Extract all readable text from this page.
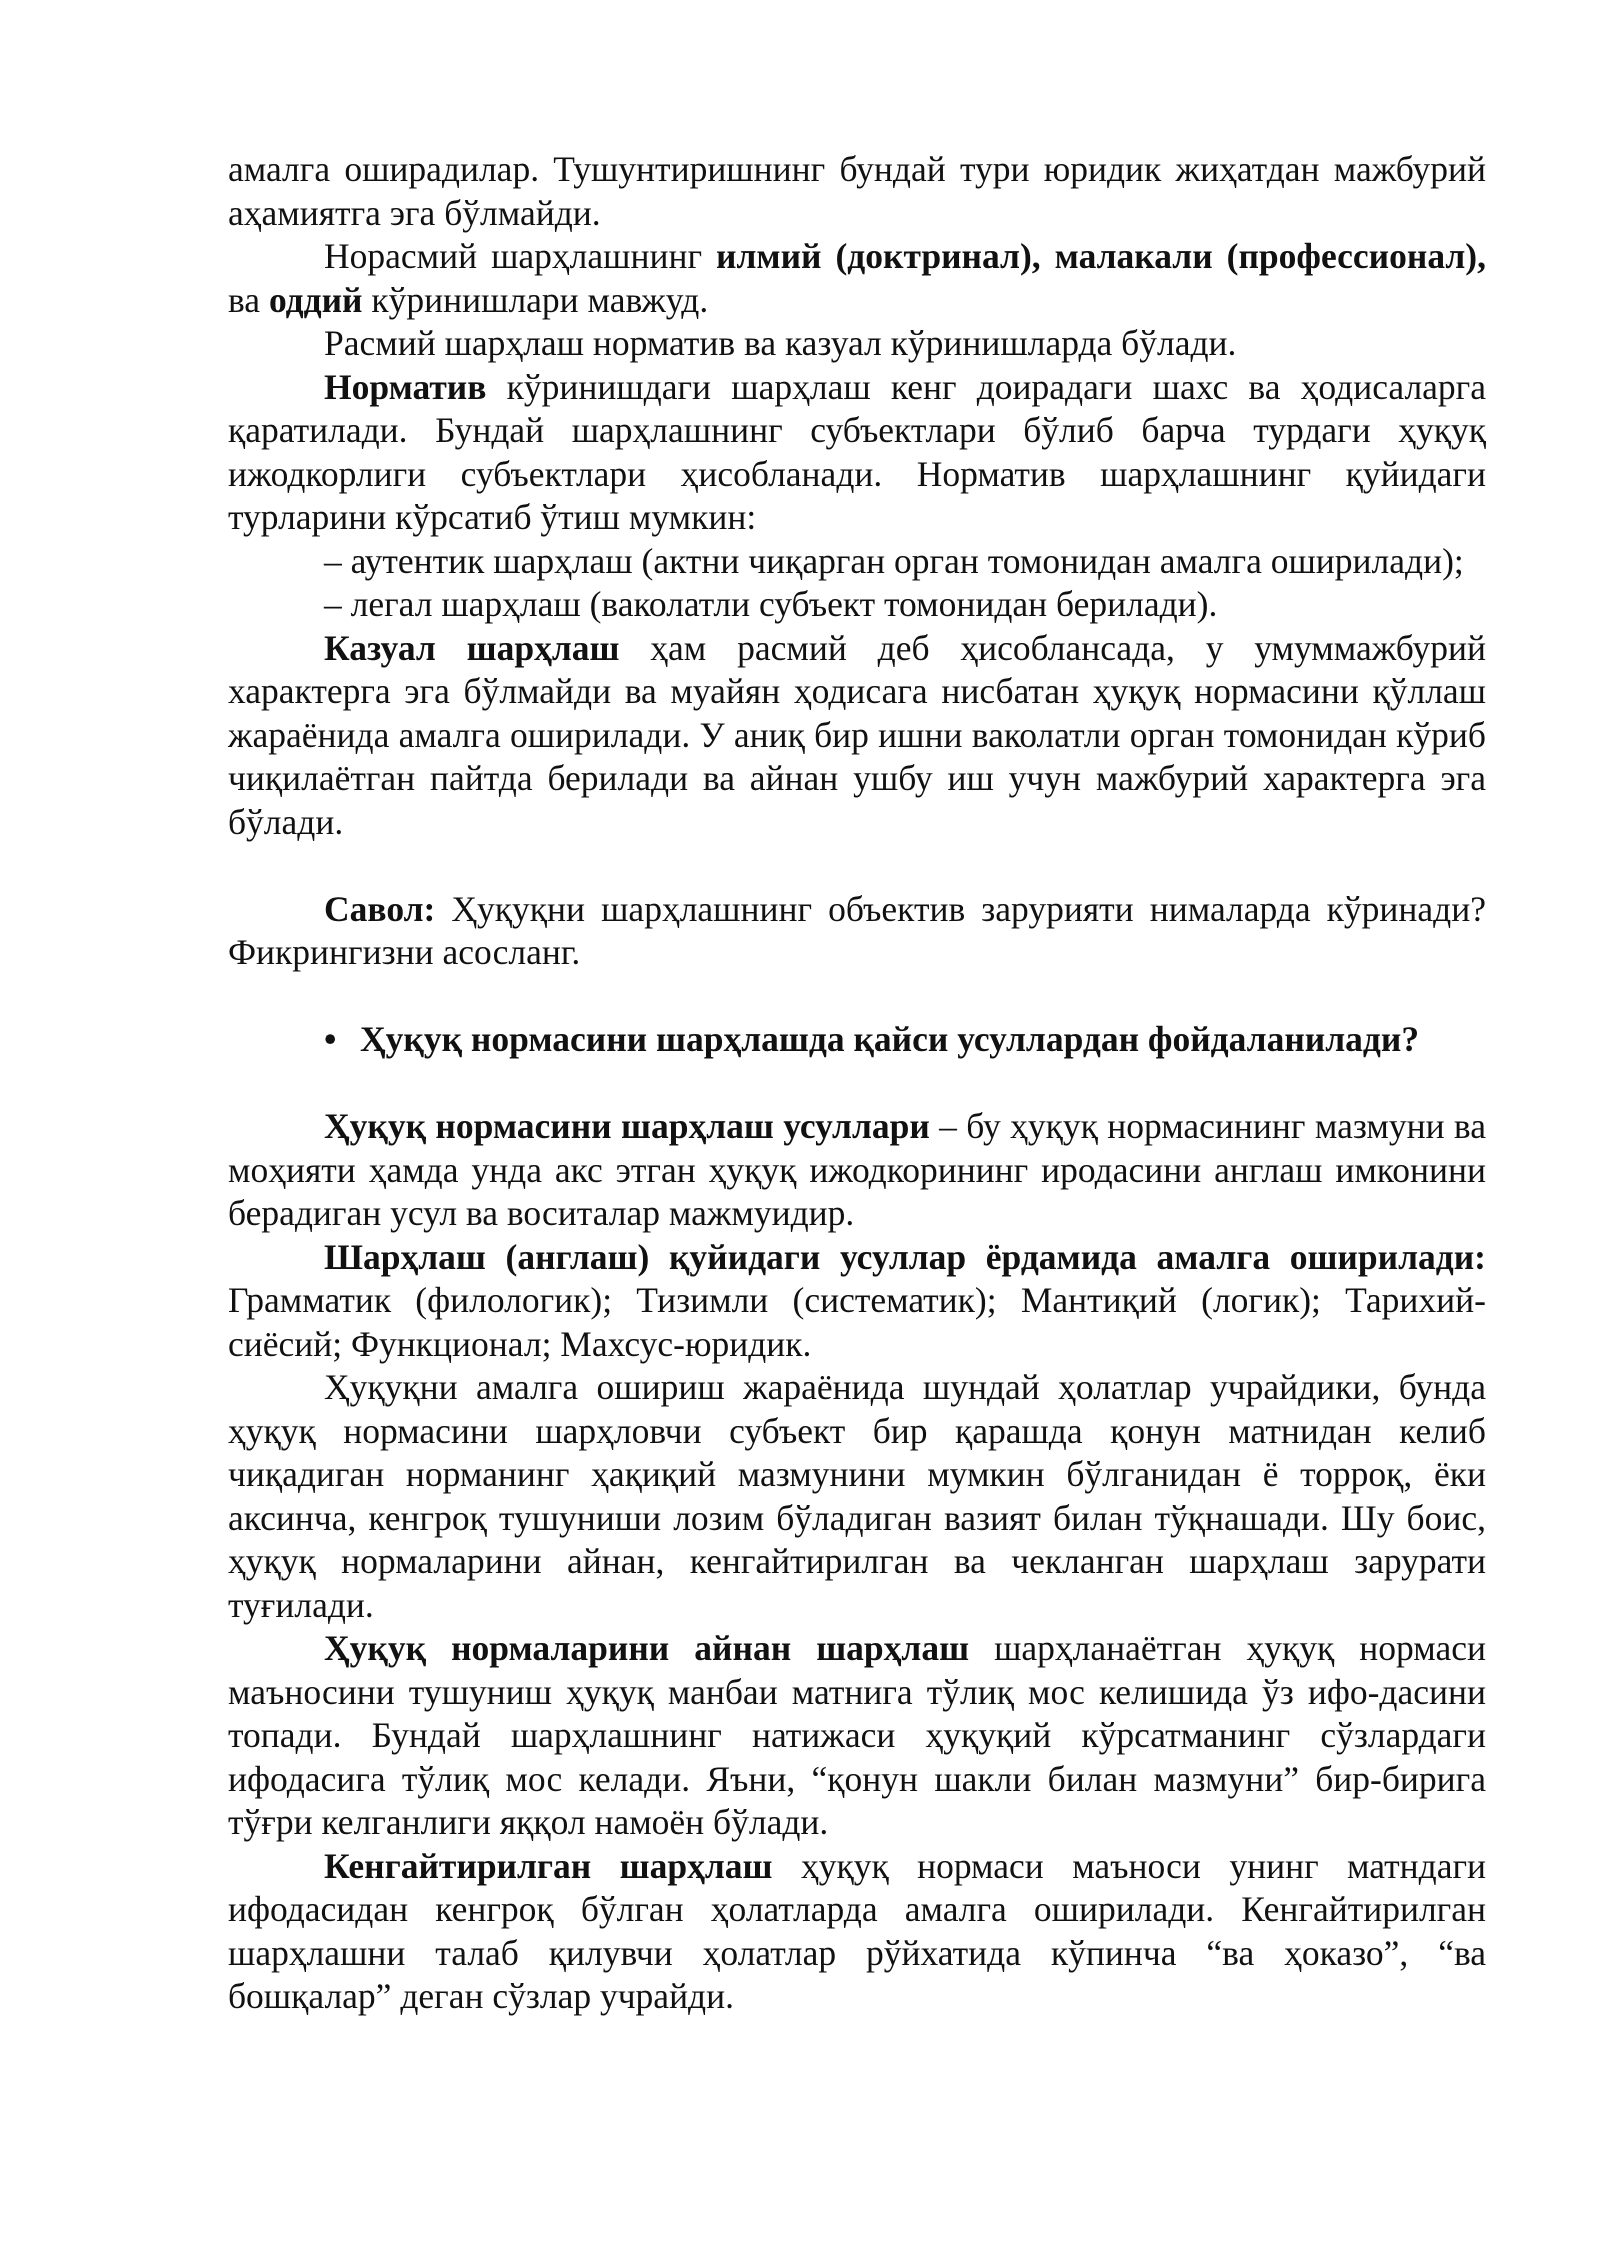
амалга оширадилар. Тушунтиришнинг бундай тури юридик жиҳатдан мажбурий аҳамиятга эга бўлмайди.

Норасмий шарҳлашнинг илмий (доктринал), малакали (профессионал), ва оддий кўринишлари мавжуд.

Расмий шарҳлаш норматив ва казуал кўринишларда бўлади.

Норматив кўринишдаги шарҳлаш кенг доирадаги шахс ва ҳодисаларга қаратилади. Бундай шарҳлашнинг субъектлари бўлиб барча турдаги ҳуқуқ ижодкорлиги субъектлари ҳисобланади. Норматив шарҳлашнинг қуйидаги турларини кўрсатиб ўтиш мумкин:

– аутентик шарҳлаш (актни чиқарган орган томонидан амалга оширилади);

– легал шарҳлаш (ваколатли субъект томонидан берилади).

Казуал шарҳлаш ҳам расмий деб ҳисоблансада, у умуммажбурий характерга эга бўлмайди ва муайян ҳодисага нисбатан ҳуқуқ нормасини қўллаш жараёнида амалга оширилади. У аниқ бир ишни ваколатли орган томонидан кўриб чиқилаётган пайтда берилади ва айнан ушбу иш учун мажбурий характерга эга бўлади.

Савол: Ҳуқуқни шарҳлашнинг объектив зарурияти нималарда кўринади? Фикрингизни асосланг.

• Ҳуқуқ нормасини шарҳлашда қайси усуллардан фойдаланилади?

Ҳуқуқ нормасини шарҳлаш усуллари – бу ҳуқуқ нормасининг мазмуни ва моҳияти ҳамда унда акс этган ҳуқуқ ижодкорининг иродасини англаш имконини берадиган усул ва воситалар мажмуидир.

Шарҳлаш (англаш) қуйидаги усуллар ёрдамида амалга оширилади: Грамматик (филологик); Тизимли (систематик); Мантиқий (логик); Тарихий-сиёсий; Функционал; Махсус-юридик.

Ҳуқуқни амалга ошириш жараёнида шундай ҳолатлар учрайдики, бунда ҳуқуқ нормасини шарҳловчи субъект бир қарашда қонун матнидан келиб чиқадиган норманинг ҳақиқий мазмунини мумкин бўлганидан ё торроқ, ёки аксинча, кенгроқ тушуниши лозим бўладиган вазият билан тўқнашади. Шу боис, ҳуқуқ нормаларини айнан, кенгайтирилган ва чекланган шарҳлаш зарурати туғилади.

Ҳуқуқ нормаларини айнан шарҳлаш шарҳланаётган ҳуқуқ нормаси маъносини тушуниш ҳуқуқ манбаи матнига тўлиқ мос келишида ўз ифо-дасини топади. Бундай шарҳлашнинг натижаси ҳуқуқий кўрсатманинг сўзлардаги ифодасига тўлиқ мос келади. Яъни, “қонун шакли билан мазмуни” бир-бирига тўғри келганлиги яққол намоён бўлади.

Кенгайтирилган шарҳлаш ҳуқуқ нормаси маъноси унинг матндаги ифодасидан кенгроқ бўлган ҳолатларда амалга оширилади. Кенгайтирилган шарҳлашни талаб қилувчи ҳолатлар рўйхатида кўпинча “ва ҳоказо”, “ва бошқалар” деган сўзлар учрайди.
